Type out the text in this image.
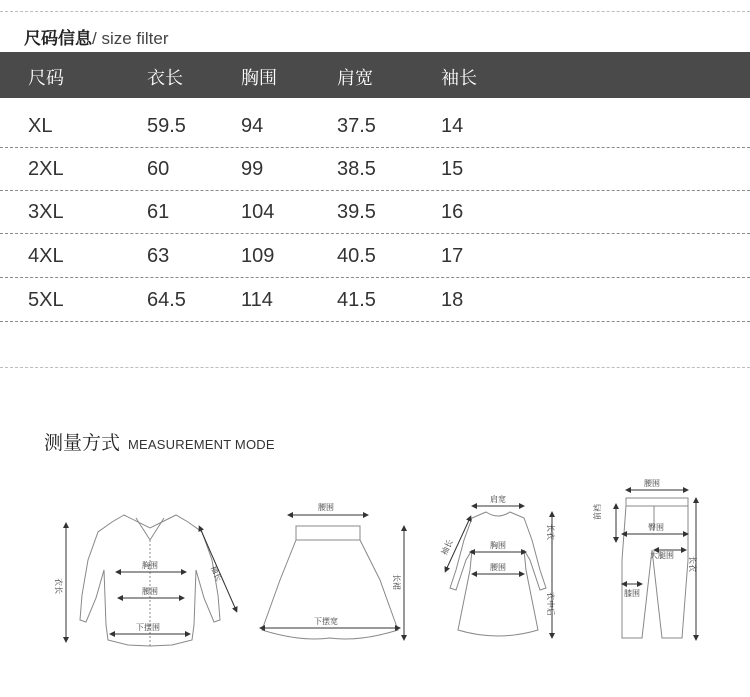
尺码信息/ size filter
尺码	衣长	胸围	肩宽	袖长
XL	59.5	94	37.5	14
2XL	60	99	38.5	15
3XL	61	104	39.5	16
4XL	63	109	40.5	17
5XL	64.5	114	41.5	18
测量方式 MEASUREMENT MODE
胸围
腰围
下摆围
衣长
袖长
腰围
下摆宽
长裙
肩宽
胸围
腰围
袖长
长衣
衣中后
腰围
前裆
臀围
大腿围
膝围
长衣
